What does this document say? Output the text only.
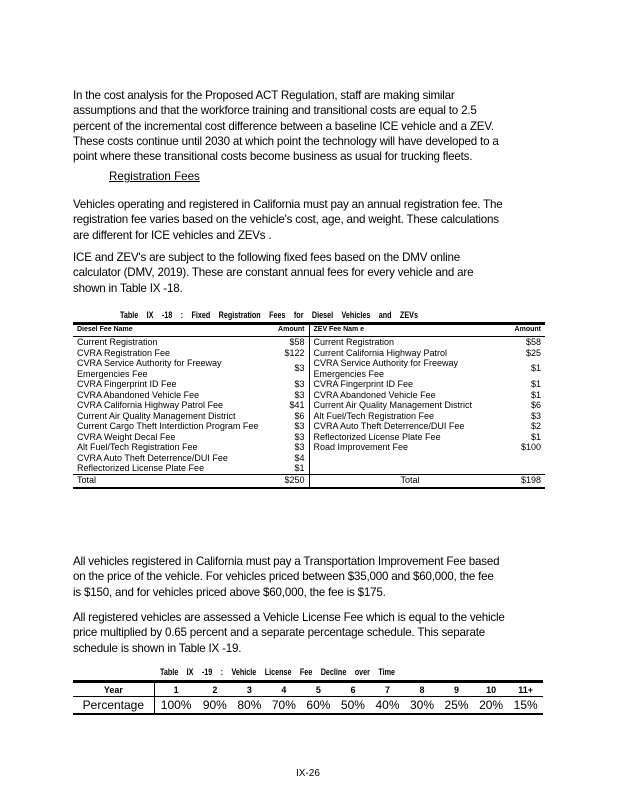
In the cost analysis for the Proposed ACT Regulation, staff are making similar
assumptions and that the workforce training and transitional costs are equal to 2.5
percent of the incremental cost difference between a baseline ICE vehicle and a ZEV.
These costs continue until 2030 at which point the technology will have developed to a
point where these transitional costs become business as usual for trucking fleets.
Registration Fees
Vehicles operating and registered in California must pay an annual registration fee. The
registration fee varies based on the vehicle's cost, age, and weight. These calculations
are different for ICE vehicles and ZEVs .
ICE and ZEV's are subject to the following fixed fees based on the DMV online
calculator (DMV, 2019). These are constant annual fees for every vehicle and are
shown in Table IX -18.
Table IX -18 : Fixed Registration Fees for Diesel Vehicles and ZEVs
Diesel Fee Name	Amount	ZEV Fee Nam e	Amount
Current Registration	$58	Current Registration	$58
CVRA Registration Fee	$122	Current California Highway Patrol	$25
CVRA Service Authority for Freeway Emergencies Fee	$3	CVRA Service Authority for Freeway Emergencies Fee	$1
CVRA Fingerprint ID Fee	$3	CVRA Fingerprint ID Fee	$1
CVRA Abandoned Vehicle Fee	$3	CVRA Abandoned Vehicle Fee	$1
CVRA California Highway Patrol Fee	$41	Current Air Quality Management District	$6
Current Air Quality Management District	$6	Alt Fuel/Tech Registration Fee	$3
Current Cargo Theft Interdiction Program Fee	$3	CVRA Auto Theft Deterrence/DUI Fee	$2
CVRA Weight Decal Fee	$3	Reflectorized License Plate Fee	$1
Alt Fuel/Tech Registration Fee	$3	Road Improvement Fee	$100
CVRA Auto Theft Deterrence/DUI Fee	$4		
Reflectorized License Plate Fee	$1		
Total	$250	Total	$198
All vehicles registered in California must pay a Transportation Improvement Fee based
on the price of the vehicle. For vehicles priced between $35,000 and $60,000, the fee
is $150, and for vehicles priced above $60,000, the fee is $175.
All registered vehicles are assessed a Vehicle License Fee which is equal to the vehicle
price multiplied by 0.65 percent and a separate percentage schedule. This separate
schedule is shown in Table IX -19.
Table IX -19 : Vehicle License Fee Decline over Time
Year	1	2	3	4	5	6	7	8	9	10	11+
Percentage	100%	90%	80%	70%	60%	50%	40%	30%	25%	20%	15%
IX-26
